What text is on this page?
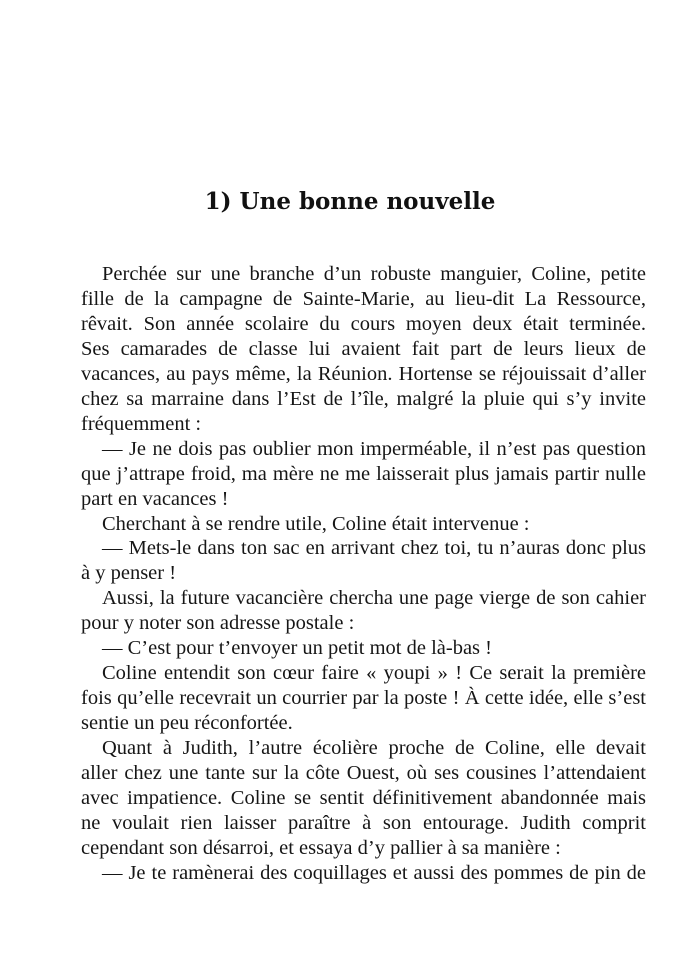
1) Une bonne nouvelle
Perchée sur une branche d’un robuste manguier, Coline, petite
fille de la campagne de Sainte-Marie, au lieu-dit La Ressource,
rêvait. Son année scolaire du cours moyen deux était terminée.
Ses camarades de classe lui avaient fait part de leurs lieux de
vacances, au pays même, la Réunion. Hortense se réjouissait d’aller
chez sa marraine dans l’Est de l’île, malgré la pluie qui s’y invite
fréquemment :
— Je ne dois pas oublier mon imperméable, il n’est pas question
que j’attrape froid, ma mère ne me laisserait plus jamais partir nulle
part en vacances !
Cherchant à se rendre utile, Coline était intervenue :
— Mets-le dans ton sac en arrivant chez toi, tu n’auras donc plus
à y penser !
Aussi, la future vacancière chercha une page vierge de son cahier
pour y noter son adresse postale :
— C’est pour t’envoyer un petit mot de là-bas !
Coline entendit son cœur faire « youpi » ! Ce serait la première
fois qu’elle recevrait un courrier par la poste ! À cette idée, elle s’est
sentie un peu réconfortée.
Quant à Judith, l’autre écolière proche de Coline, elle devait
aller chez une tante sur la côte Ouest, où ses cousines l’attendaient
avec impatience. Coline se sentit définitivement abandonnée mais
ne voulait rien laisser paraître à son entourage. Judith comprit
cependant son désarroi, et essaya d’y pallier à sa manière :
— Je te ramènerai des coquillages et aussi des pommes de pin de
